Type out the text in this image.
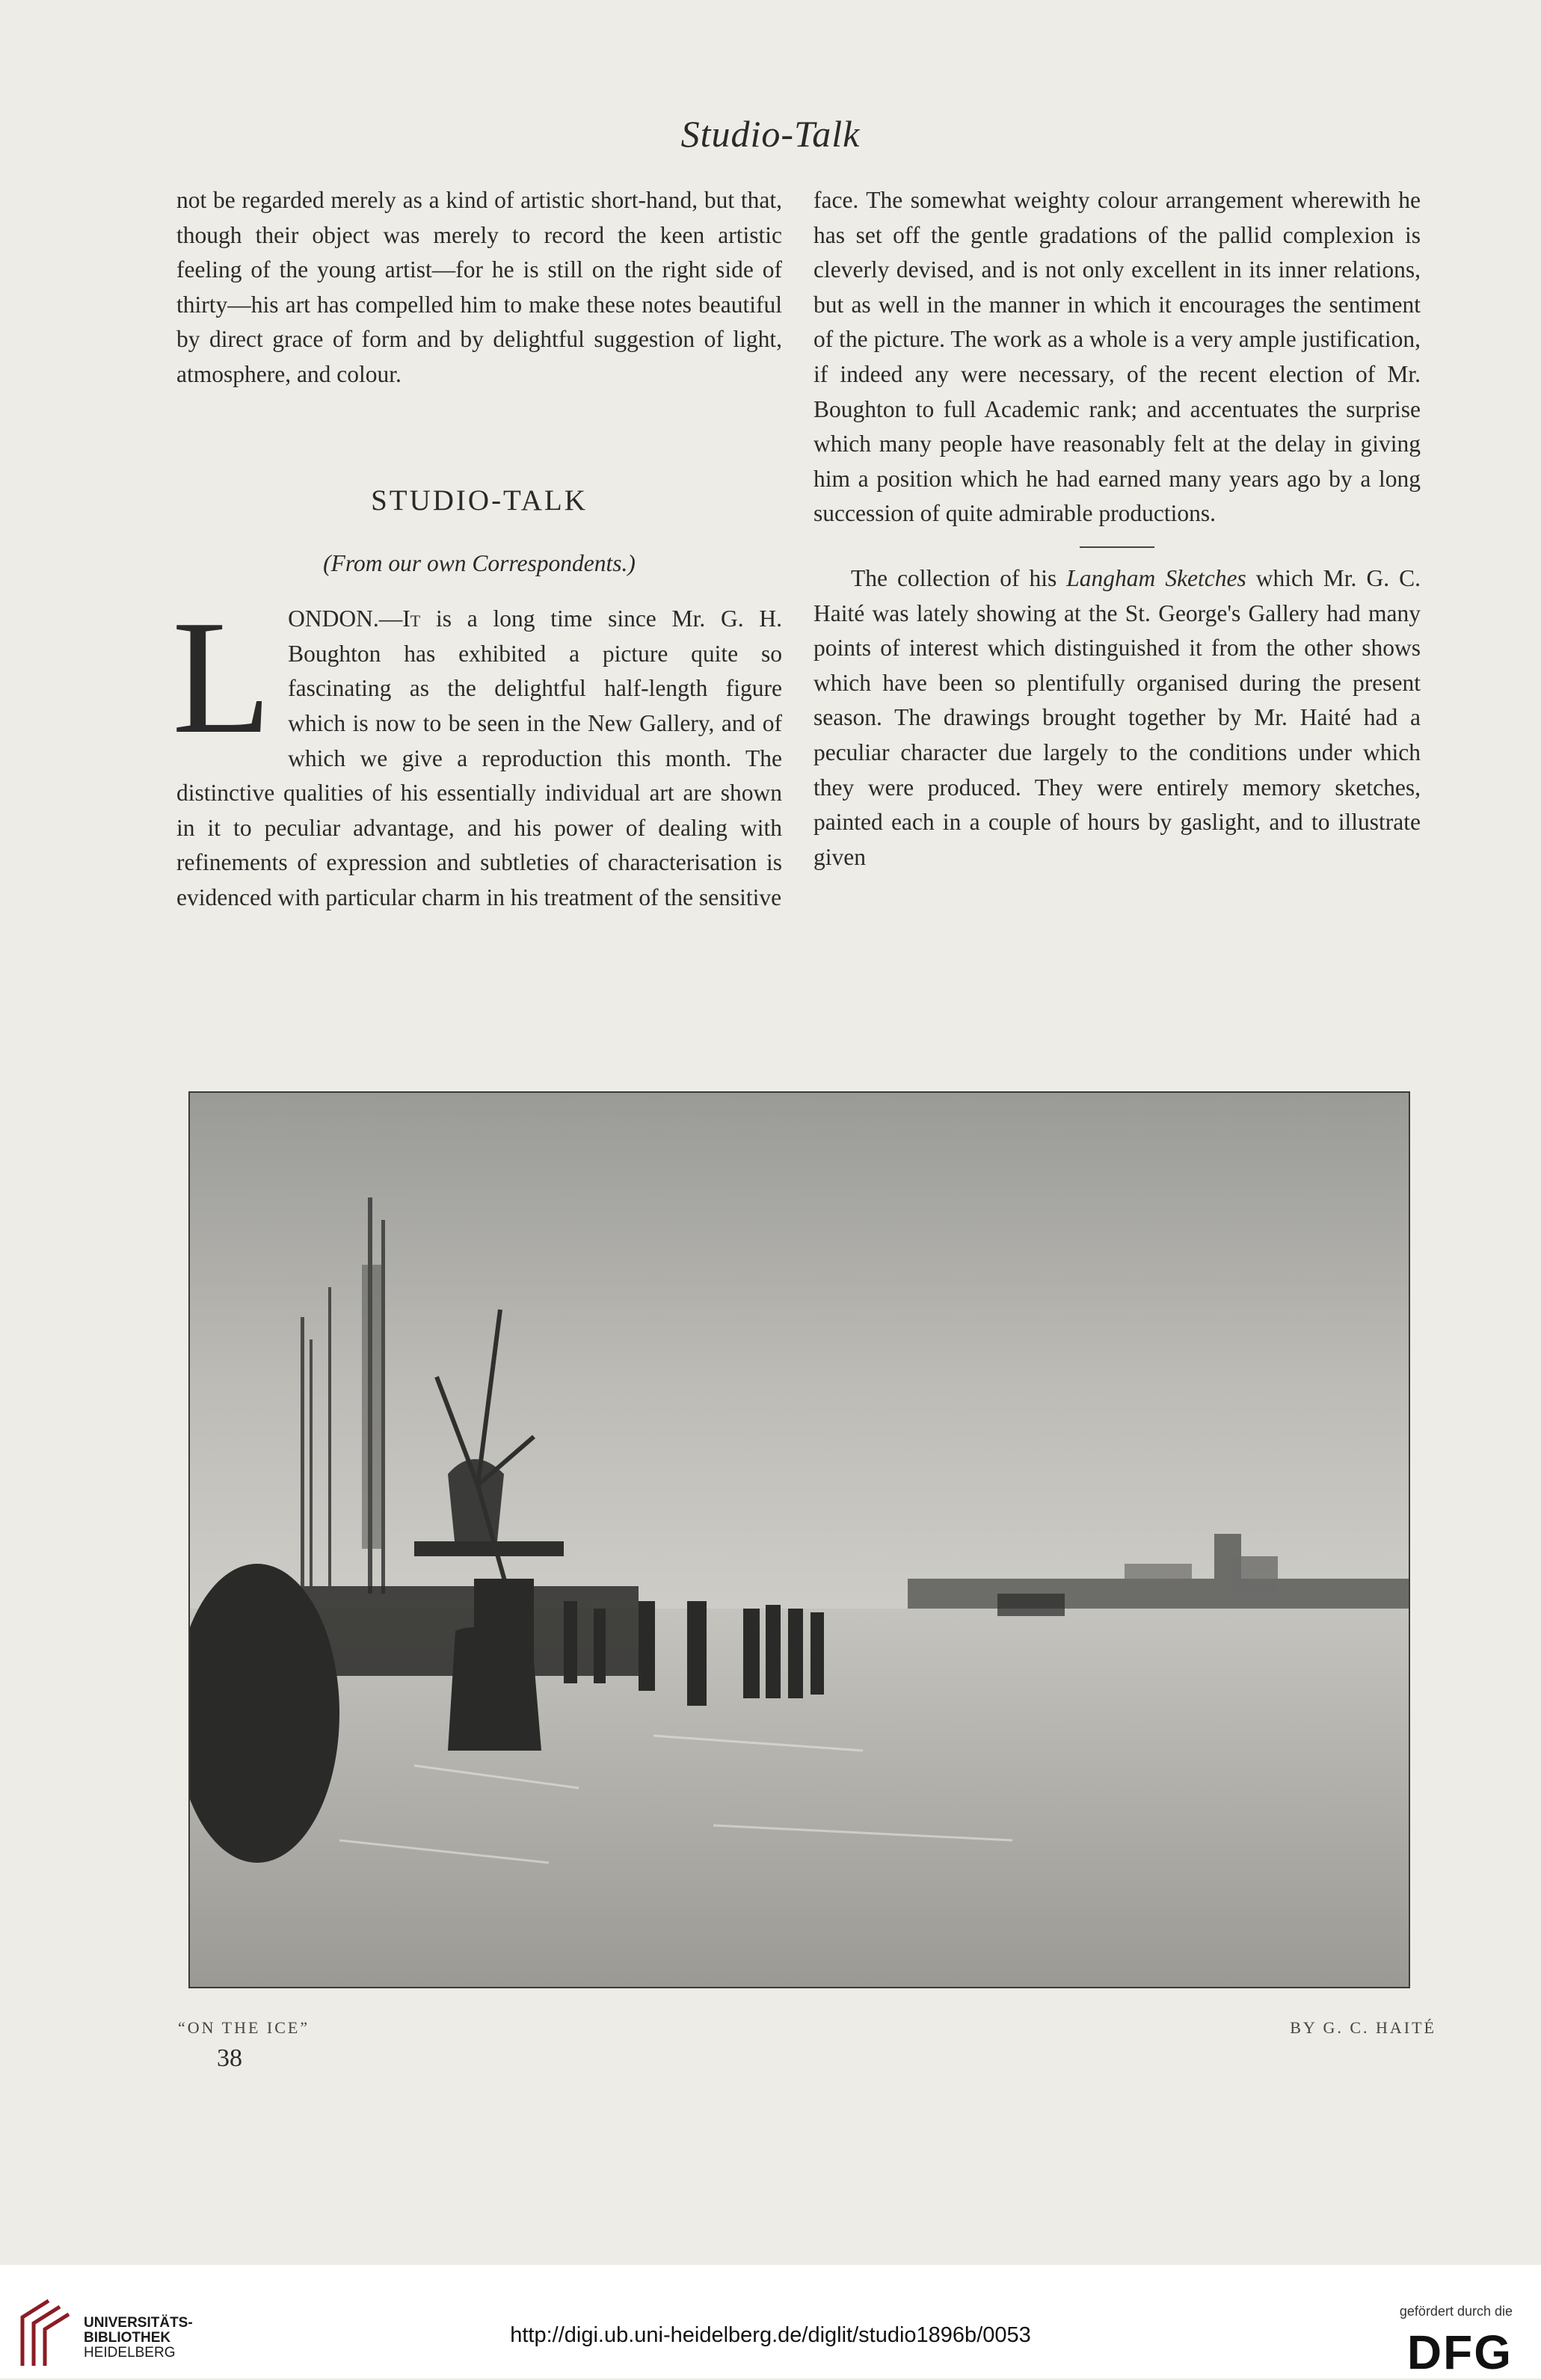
Studio-Talk

not be regarded merely as a kind of artistic short-hand, but that, though their object was merely to record the keen artistic feeling of the young artist—for he is still on the right side of thirty—his art has compelled him to make these notes beautiful by direct grace of form and by delightful suggestion of light, atmosphere, and colour.

STUDIO-TALK
(From our own Correspondents.)

LONDON.—It is a long time since Mr. G. H. Boughton has exhibited a picture quite so fascinating as the delightful half-length figure which is now to be seen in the New Gallery, and of which we give a reproduction this month. The distinctive qualities of his essentially individual art are shown in it to peculiar advantage, and his power of dealing with refinements of expression and subtleties of characterisation is evidenced with particular charm in his treatment of the sensitive

face. The somewhat weighty colour arrangement wherewith he has set off the gentle gradations of the pallid complexion is cleverly devised, and is not only excellent in its inner relations, but as well in the manner in which it encourages the sentiment of the picture. The work as a whole is a very ample justification, if indeed any were necessary, of the recent election of Mr. Boughton to full Academic rank; and accentuates the surprise which many people have reasonably felt at the delay in giving him a position which he had earned many years ago by a long succession of quite admirable productions.

The collection of his Langham Sketches which Mr. G. C. Haité was lately showing at the St. George's Gallery had many points of interest which distinguished it from the other shows which have been so plentifully organised during the present season. The drawings brought together by Mr. Haité had a peculiar character due largely to the conditions under which they were produced. They were entirely memory sketches, painted each in a couple of hours by gaslight, and to illustrate given

“ON THE ICE”	BY G. C. HAITÉ
38
UNIVERSITÄTS-
BIBLIOTHEK
HEIDELBERG
http://digi.ub.uni-heidelberg.de/diglit/studio1896b/0053
gefördert durch die
DFG
